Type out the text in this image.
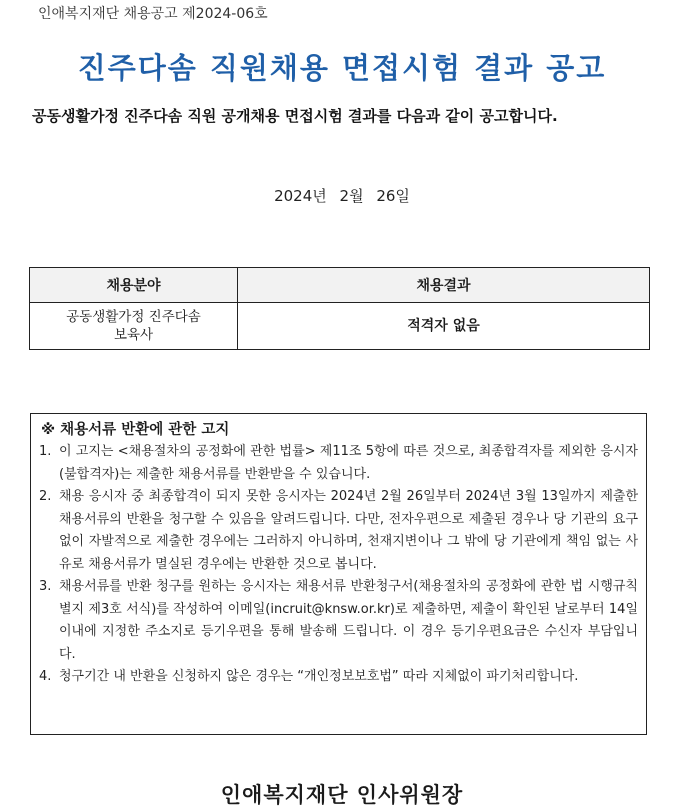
인애복지재단 채용공고 제2024-06호
진주다솜 직원채용 면접시험 결과 공고
공동생활가정 진주다솜 직원 공개채용 면접시험 결과를 다음과 같이 공고합니다.
2024년 2월 26일
채용분야	채용결과

공동생활가정 진주다솜
보육사	적격자 없음
※ 채용서류 반환에 관한 고지
1. 이 고지는 <채용절차의 공정화에 관한 법률> 제11조 5항에 따른 것으로, 최종합격자를 제외한 응시자(불합격자)는 제출한 채용서류를 반환받을 수 있습니다.
2. 채용 응시자 중 최종합격이 되지 못한 응시자는 2024년 2월 26일부터 2024년 3월 13일까지 제출한 채용서류의 반환을 청구할 수 있음을 알려드립니다. 다만, 전자우편으로 제출된 경우나 당 기관의 요구 없이 자발적으로 제출한 경우에는 그러하지 아니하며, 천재지변이나 그 밖에 당 기관에게 책임 없는 사유로 채용서류가 멸실된 경우에는 반환한 것으로 봅니다.
3. 채용서류를 반환 청구를 원하는 응시자는 채용서류 반환청구서(채용절차의 공정화에 관한 법 시행규칙 별지 제3호 서식)를 작성하여 이메일(incruit@knsw.or.kr)로 제출하면, 제출이 확인된 날로부터 14일 이내에 지정한 주소지로 등기우편을 통해 발송해 드립니다. 이 경우 등기우편요금은 수신자 부담입니다.
4. 청구기간 내 반환을 신청하지 않은 경우는 “개인정보보호법” 따라 지체없이 파기처리합니다.
인애복지재단 인사위원장
